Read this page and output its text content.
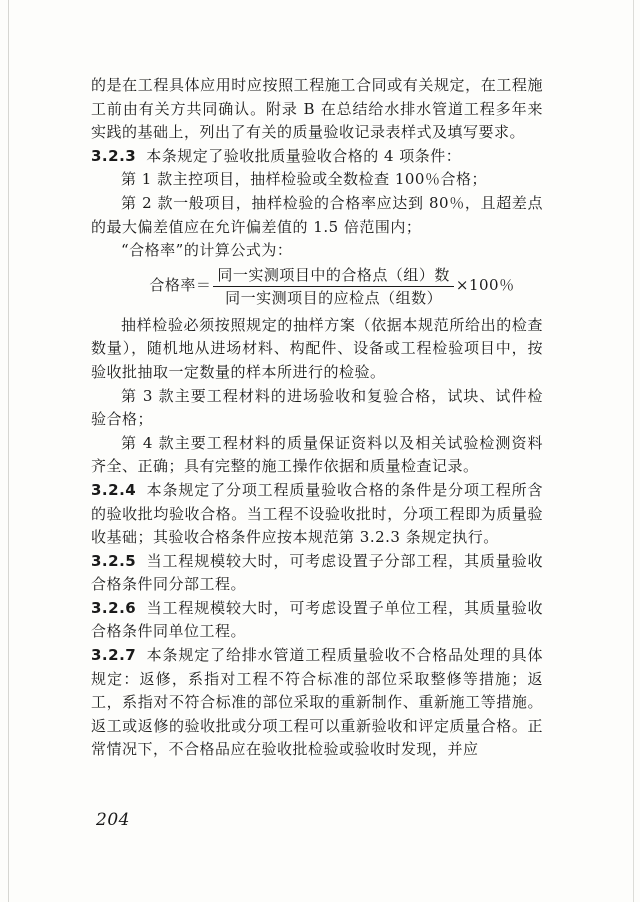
的是在工程具体应用时应按照工程施工合同或有关规定，在工程施工前由有关方共同确认。附录 B 在总结给水排水管道工程多年来实践的基础上，列出了有关的质量验收记录表样式及填写要求。

3.2.3 本条规定了验收批质量验收合格的 4 项条件：

第 1 款主控项目，抽样检验或全数检查 100％合格；

第 2 款一般项目，抽样检验的合格率应达到 80％，且超差点的最大偏差值应在允许偏差值的 1.5 倍范围内；

“合格率”的计算公式为：

合格率＝ $\frac{\text{同一实测项目中的合格点（组）数}}{\text{同一实测项目的应检点（组数）}} \times 100$％

抽样检验必须按照规定的抽样方案（依据本规范所给出的检查数量），随机地从进场材料、构配件、设备或工程检验项目中，按验收批抽取一定数量的样本所进行的检验。

第 3 款主要工程材料的进场验收和复验合格，试块、试件检验合格；

第 4 款主要工程材料的质量保证资料以及相关试验检测资料齐全、正确；具有完整的施工操作依据和质量检查记录。

3.2.4 本条规定了分项工程质量验收合格的条件是分项工程所含的验收批均验收合格。当工程不设验收批时，分项工程即为质量验收基础；其验收合格条件应按本规范第 3.2.3 条规定执行。

3.2.5 当工程规模较大时，可考虑设置子分部工程，其质量验收合格条件同分部工程。

3.2.6 当工程规模较大时，可考虑设置子单位工程，其质量验收合格条件同单位工程。

3.2.7 本条规定了给排水管道工程质量验收不合格品处理的具体规定：返修，系指对工程不符合标准的部位采取整修等措施；返工，系指对不符合标准的部位采取的重新制作、重新施工等措施。返工或返修的验收批或分项工程可以重新验收和评定质量合格。正常情况下，不合格品应在验收批检验或验收时发现，并应

204
